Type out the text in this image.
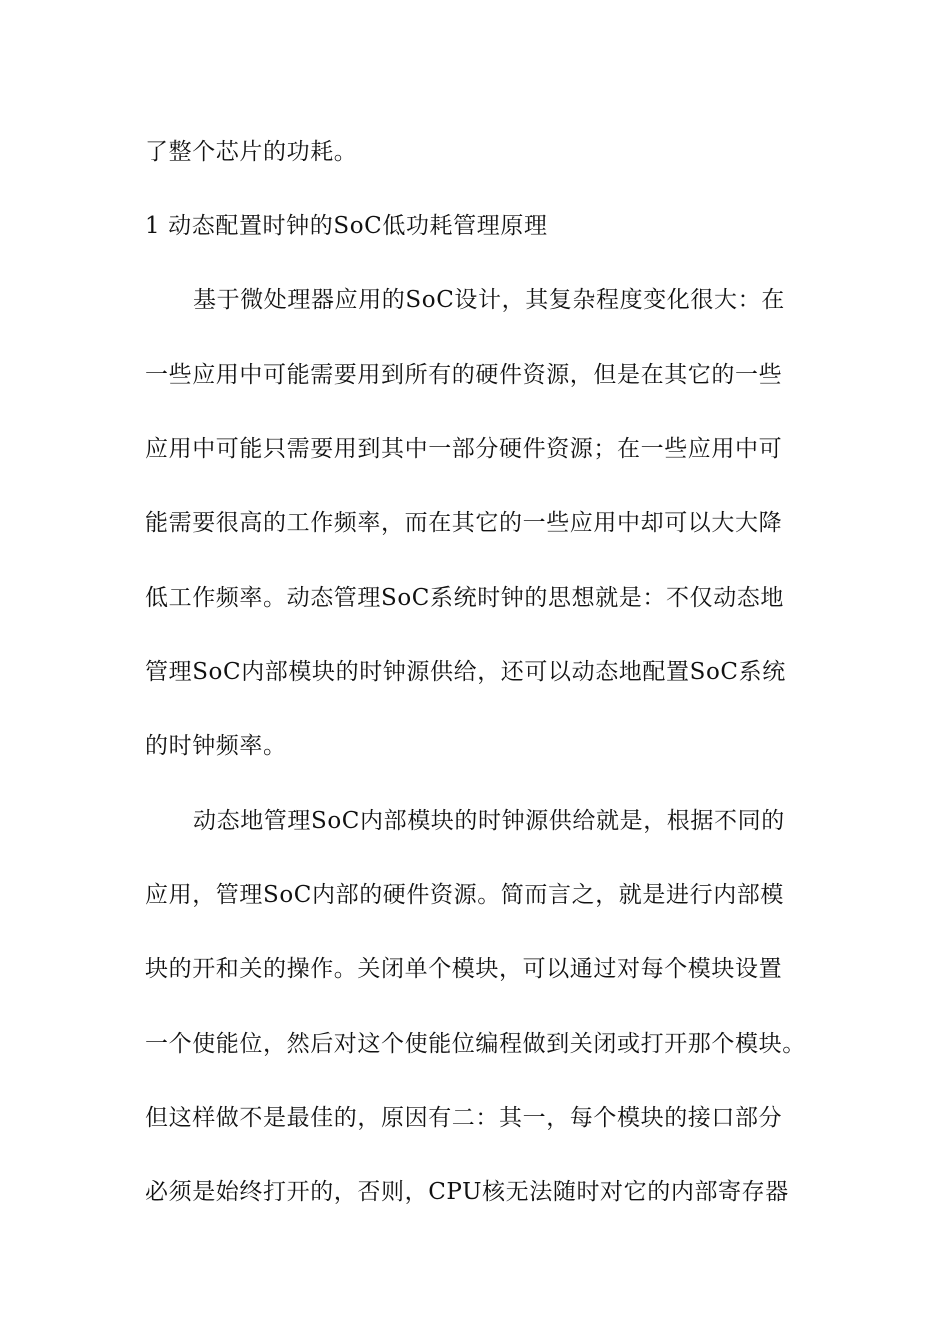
了整个芯片的功耗。
1 动态配置时钟的SoC低功耗管理原理
基于微处理器应用的SoC设计，其复杂程度变化很大：在
一些应用中可能需要用到所有的硬件资源，但是在其它的一些
应用中可能只需要用到其中一部分硬件资源；在一些应用中可
能需要很高的工作频率，而在其它的一些应用中却可以大大降
低工作频率。动态管理SoC系统时钟的思想就是：不仅动态地
管理SoC内部模块的时钟源供给，还可以动态地配置SoC系统
的时钟频率。
动态地管理SoC内部模块的时钟源供给就是，根据不同的
应用，管理SoC内部的硬件资源。简而言之，就是进行内部模
块的开和关的操作。关闭单个模块，可以通过对每个模块设置
一个使能位，然后对这个使能位编程做到关闭或打开那个模块。
但这样做不是最佳的，原因有二：其一，每个模块的接口部分
必须是始终打开的，否则，CPU核无法随时对它的内部寄存器
